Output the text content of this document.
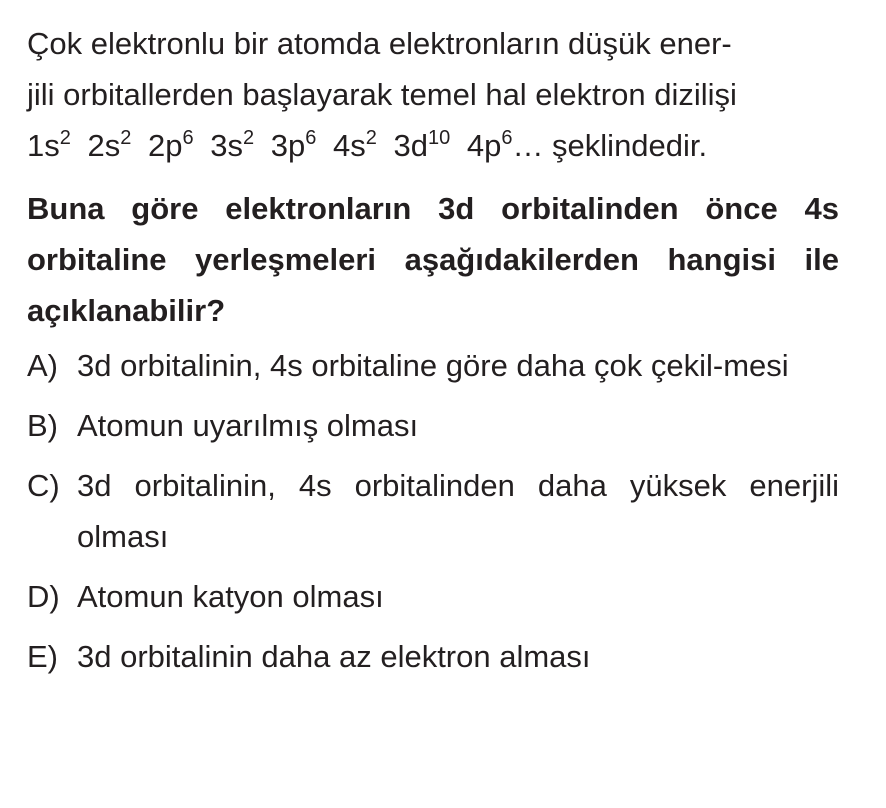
Çok elektronlu bir atomda elektronların düşük ener-
jili orbitallerden başlayarak temel hal elektron dizilişi

$1s^2$ $2s^2$ $2p^6$ $3s^2$ $3p^6$ $4s^2$ $3d^{10}$ $4p^6\dots$ şeklindedir.

Buna göre elektronların 3d orbitalinden önce 4s orbitaline yerleşmeleri aşağıdakilerden hangisi ile açıklanabilir?

A) 3d orbitalinin, 4s orbitaline göre daha çok çekil-mesi
B) Atomun uyarılmış olması
C) 3d orbitalinin, 4s orbitalinden daha yüksek enerjili olması
D) Atomun katyon olması
E) 3d orbitalinin daha az elektron alması
